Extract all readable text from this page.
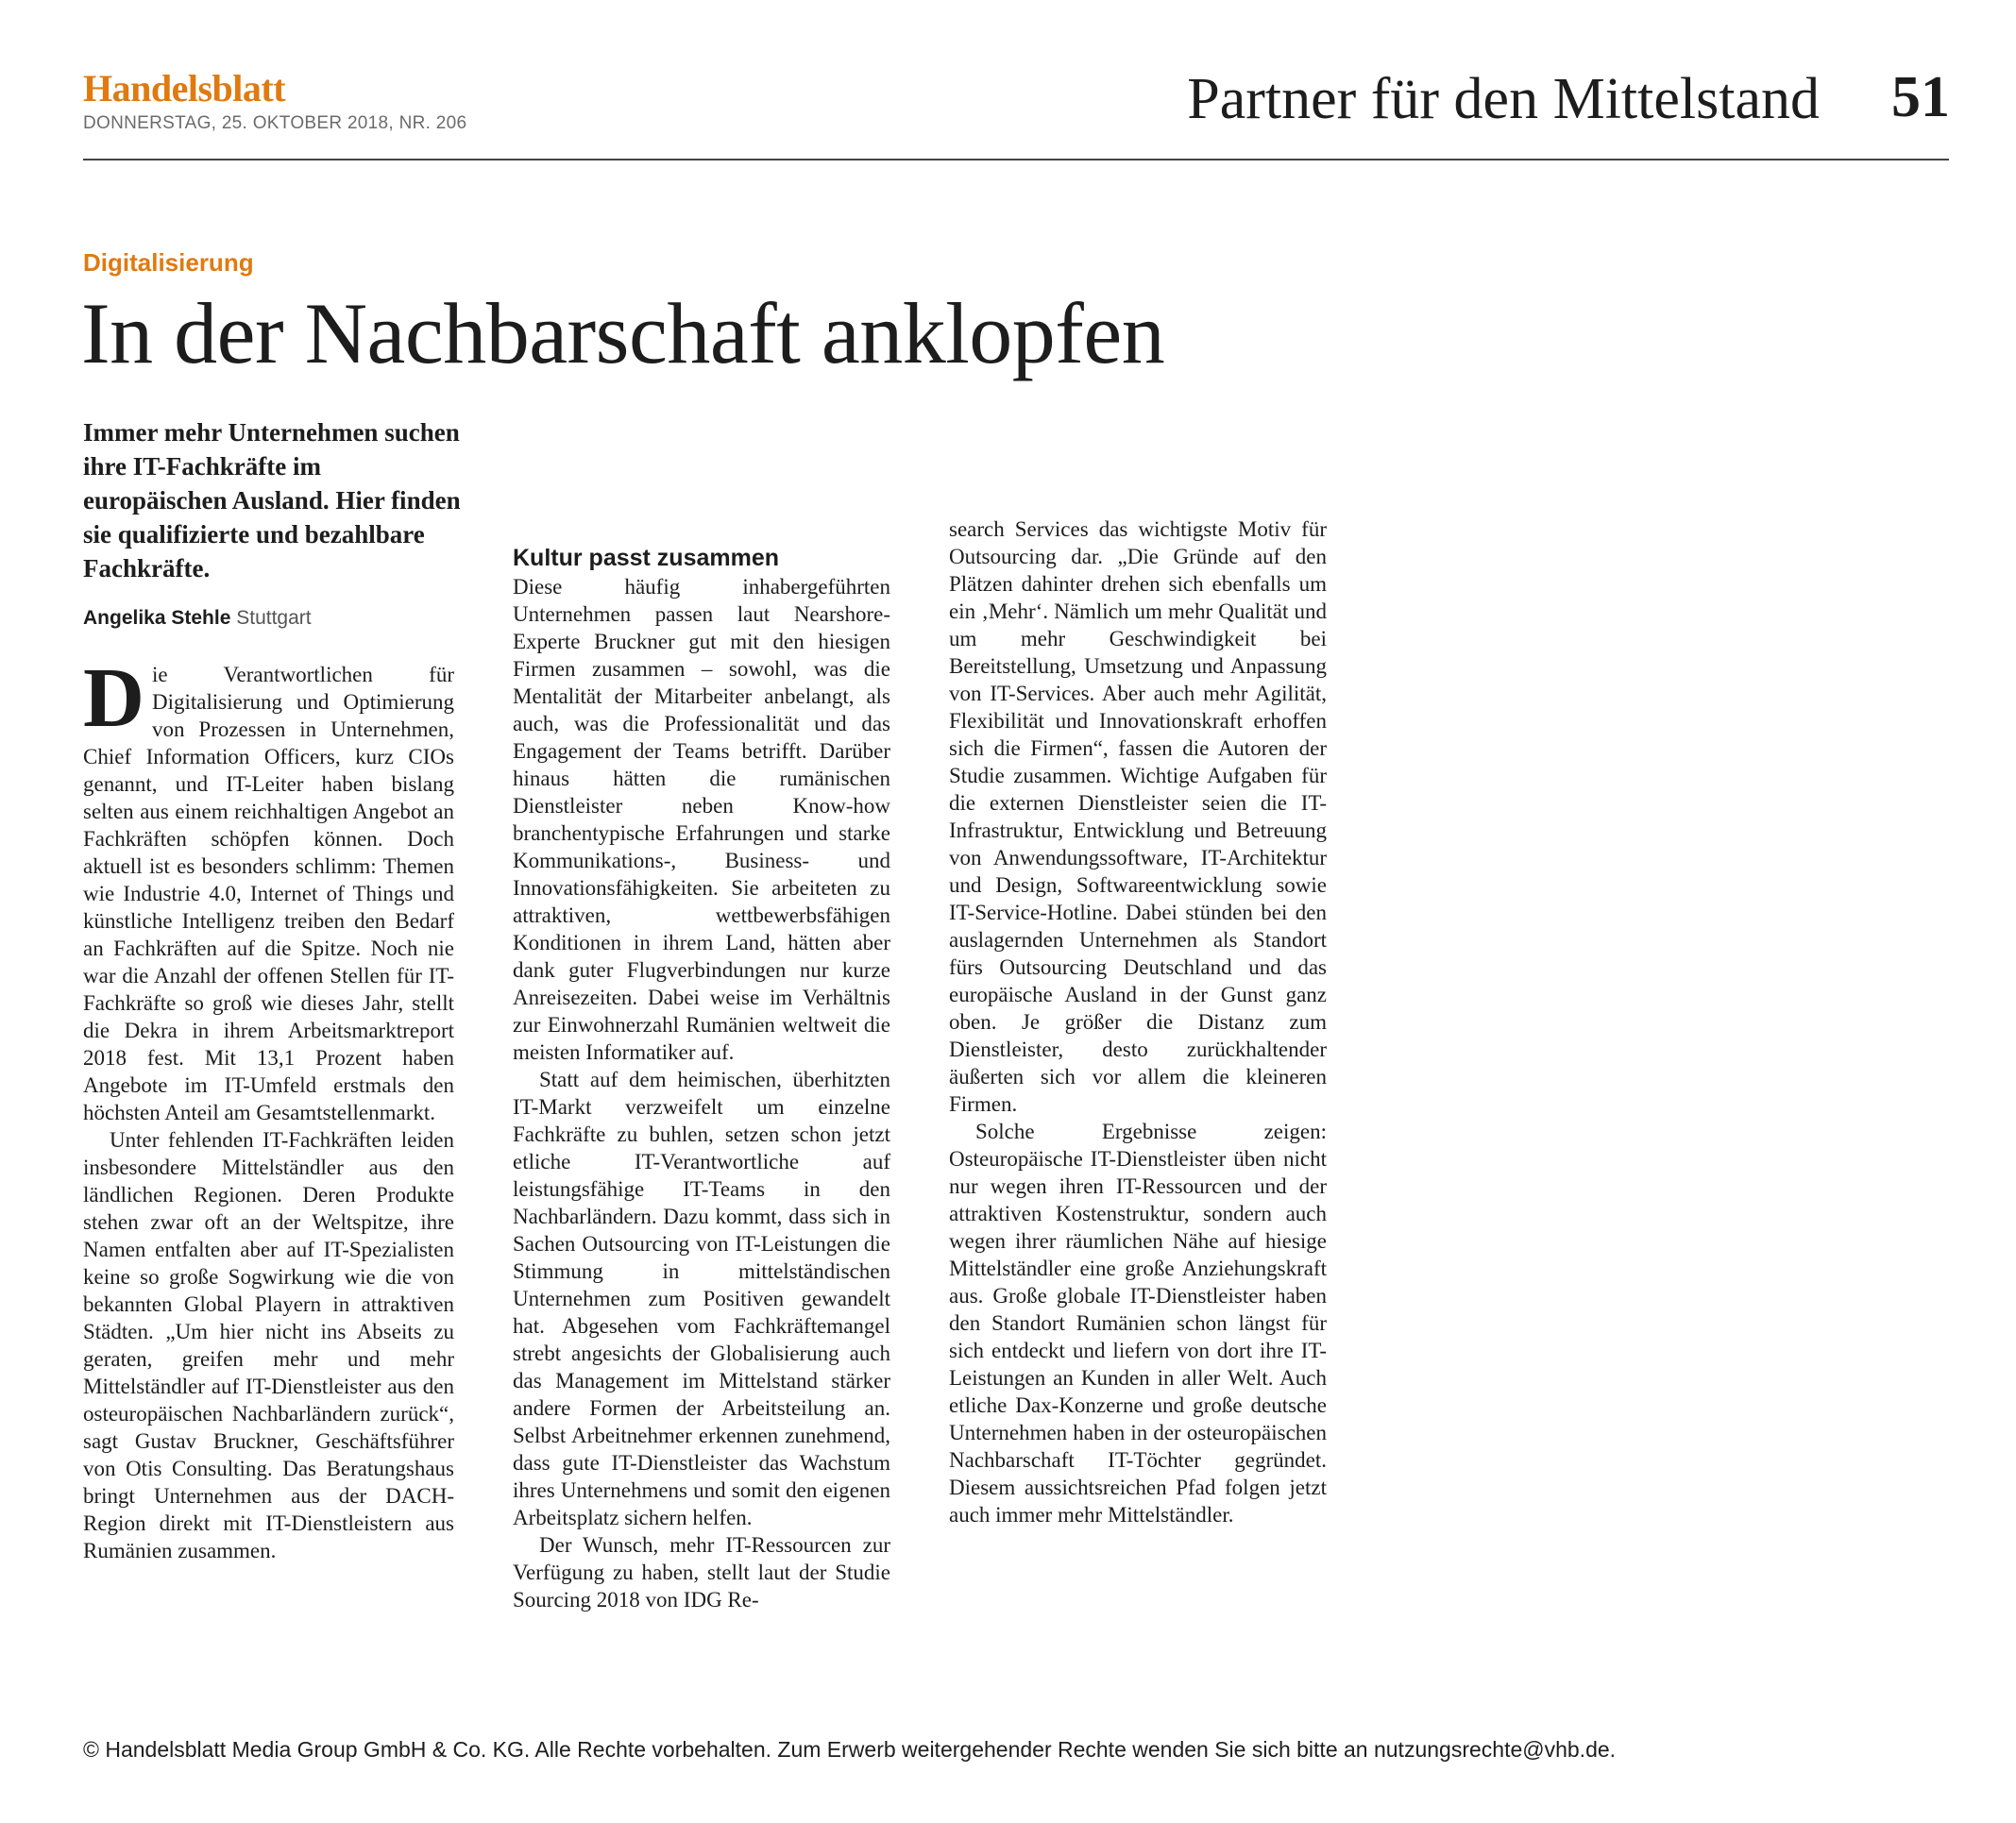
Handelsblatt
DONNERSTAG, 25. OKTOBER 2018, NR. 206	Partner für den Mittelstand 51
Digitalisierung
In der Nachbarschaft anklopfen
Immer mehr Unternehmen suchen ihre IT-Fachkräfte im europäischen Ausland. Hier finden sie qualifizierte und bezahlbare Fachkräfte.
Angelika Stehle Stuttgart

Die Verantwortlichen für Digitalisierung und Optimierung von Prozessen in Unternehmen, Chief Information Officers, kurz CIOs genannt, und IT-Leiter haben bislang selten aus einem reichhaltigen Angebot an Fachkräften schöpfen können. Doch aktuell ist es besonders schlimm: Themen wie Industrie 4.0, Internet of Things und künstliche Intelligenz treiben den Bedarf an Fachkräften auf die Spitze. Noch nie war die Anzahl der offenen Stellen für IT-Fachkräfte so groß wie dieses Jahr, stellt die Dekra in ihrem Arbeitsmarktreport 2018 fest. Mit 13,1 Prozent haben Angebote im IT-Umfeld erstmals den höchsten Anteil am Gesamtstellenmarkt.

Unter fehlenden IT-Fachkräften leiden insbesondere Mittelständler aus den ländlichen Regionen. Deren Produkte stehen zwar oft an der Weltspitze, ihre Namen entfalten aber auf IT-Spezialisten keine so große Sogwirkung wie die von bekannten Global Playern in attraktiven Städten. „Um hier nicht ins Abseits zu geraten, greifen mehr und mehr Mittelständler auf IT-Dienstleister aus den osteuropäischen Nachbarländern zurück“, sagt Gustav Bruckner, Geschäftsführer von Otis Consulting. Das Beratungshaus bringt Unternehmen aus der DACH-Region direkt mit IT-Dienstleistern aus Rumänien zusammen.

Kultur passt zusammen

Diese häufig inhabergeführten Unternehmen passen laut Nearshore-Experte Bruckner gut mit den hiesigen Firmen zusammen – sowohl, was die Mentalität der Mitarbeiter anbelangt, als auch, was die Professionalität und das Engagement der Teams betrifft. Darüber hinaus hätten die rumänischen Dienstleister neben Know-how branchentypische Erfahrungen und starke Kommunikations-, Business- und Innovationsfähigkeiten. Sie arbeiteten zu attraktiven, wettbewerbsfähigen Konditionen in ihrem Land, hätten aber dank guter Flugverbindungen nur kurze Anreisezeiten. Dabei weise im Verhältnis zur Einwohnerzahl Rumänien weltweit die meisten Informatiker auf.

Statt auf dem heimischen, überhitzten IT-Markt verzweifelt um einzelne Fachkräfte zu buhlen, setzen schon jetzt etliche IT-Verantwortliche auf leistungsfähige IT-Teams in den Nachbarländern. Dazu kommt, dass sich in Sachen Outsourcing von IT-Leistungen die Stimmung in mittelständischen Unternehmen zum Positiven gewandelt hat. Abgesehen vom Fachkräftemangel strebt angesichts der Globalisierung auch das Management im Mittelstand stärker andere Formen der Arbeitsteilung an. Selbst Arbeitnehmer erkennen zunehmend, dass gute IT-Dienstleister das Wachstum ihres Unternehmens und somit den eigenen Arbeitsplatz sichern helfen.

Der Wunsch, mehr IT-Ressourcen zur Verfügung zu haben, stellt laut der Studie Sourcing 2018 von IDG Re-

search Services das wichtigste Motiv für Outsourcing dar. „Die Gründe auf den Plätzen dahinter drehen sich ebenfalls um ein ‚Mehr‘. Nämlich um mehr Qualität und um mehr Geschwindigkeit bei Bereitstellung, Umsetzung und Anpassung von IT-Services. Aber auch mehr Agilität, Flexibilität und Innovationskraft erhoffen sich die Firmen“, fassen die Autoren der Studie zusammen. Wichtige Aufgaben für die externen Dienstleister seien die IT-Infrastruktur, Entwicklung und Betreuung von Anwendungssoftware, IT-Architektur und Design, Softwareentwicklung sowie IT-Service-Hotline. Dabei stünden bei den auslagernden Unternehmen als Standort fürs Outsourcing Deutschland und das europäische Ausland in der Gunst ganz oben. Je größer die Distanz zum Dienstleister, desto zurückhaltender äußerten sich vor allem die kleineren Firmen.

Solche Ergebnisse zeigen: Osteuropäische IT-Dienstleister üben nicht nur wegen ihren IT-Ressourcen und der attraktiven Kostenstruktur, sondern auch wegen ihrer räumlichen Nähe auf hiesige Mittelständler eine große Anziehungskraft aus. Große globale IT-Dienstleister haben den Standort Rumänien schon längst für sich entdeckt und liefern von dort ihre IT-Leistungen an Kunden in aller Welt. Auch etliche Dax-Konzerne und große deutsche Unternehmen haben in der osteuropäischen Nachbarschaft IT-Töchter gegründet. Diesem aussichtsreichen Pfad folgen jetzt auch immer mehr Mittelständler.

© Handelsblatt Media Group GmbH & Co. KG. Alle Rechte vorbehalten. Zum Erwerb weitergehender Rechte wenden Sie sich bitte an nutzungsrechte@vhb.de.
